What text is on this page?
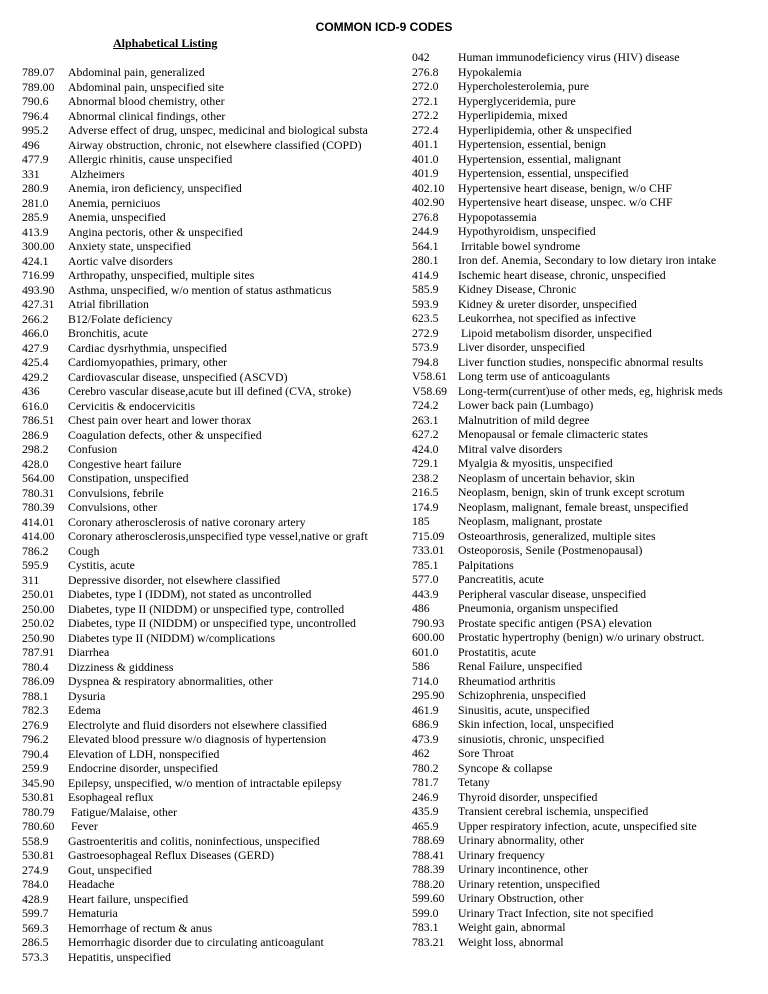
COMMON ICD-9 CODES
Alphabetical Listing
789.07 Abdominal pain, generalized
789.00 Abdominal pain, unspecified site
790.6 Abnormal blood chemistry, other
796.4 Abnormal clinical findings, other
995.2 Adverse effect of drug, unspec, medicinal and biological substa
496 Airway obstruction, chronic, not elsewhere classified (COPD)
477.9 Allergic rhinitis, cause unspecified
331 Alzheimers
280.9 Anemia, iron deficiency, unspecified
281.0 Anemia, perniciuos
285.9 Anemia, unspecified
413.9 Angina pectoris, other & unspecified
300.00 Anxiety state, unspecified
424.1 Aortic valve disorders
716.99 Arthropathy, unspecified, multiple sites
493.90 Asthma, unspecified, w/o mention of status asthmaticus
427.31 Atrial fibrillation
266.2 B12/Folate deficiency
466.0 Bronchitis, acute
427.9 Cardiac dysrhythmia, unspecified
425.4 Cardiomyopathies, primary, other
429.2 Cardiovascular disease, unspecified (ASCVD)
436 Cerebro vascular disease,acute but ill defined (CVA, stroke)
616.0 Cervicitis & endocervicitis
786.51 Chest pain over heart and lower thorax
286.9 Coagulation defects, other & unspecified
298.2 Confusion
428.0 Congestive heart failure
564.00 Constipation, unspecified
780.31 Convulsions, febrile
780.39 Convulsions, other
414.01 Coronary atherosclerosis of native coronary artery
414.00 Coronary atherosclerosis,unspecified type vessel,native or graft
786.2 Cough
595.9 Cystitis, acute
311 Depressive disorder, not elsewhere classified
250.01 Diabetes, type I (IDDM), not stated as uncontrolled
250.00 Diabetes, type II (NIDDM) or unspecified type, controlled
250.02 Diabetes, type II (NIDDM) or unspecified type, uncontrolled
250.90 Diabetes type II (NIDDM) w/complications
787.91 Diarrhea
780.4 Dizziness & giddiness
786.09 Dyspnea & respiratory abnormalities, other
788.1 Dysuria
782.3 Edema
276.9 Electrolyte and fluid disorders not elsewhere classified
796.2 Elevated blood pressure w/o diagnosis of hypertension
790.4 Elevation of LDH, nonspecified
259.9 Endocrine disorder, unspecified
345.90 Epilepsy, unspecified, w/o mention of intractable epilepsy
530.81 Esophageal reflux
780.79 Fatigue/Malaise, other
780.60 Fever
558.9 Gastroenteritis and colitis, noninfectious, unspecified
530.81 Gastroesophageal Reflux Diseases (GERD)
274.9 Gout, unspecified
784.0 Headache
428.9 Heart failure, unspecified
599.7 Hematuria
569.3 Hemorrhage of rectum & anus
286.5 Hemorrhagic disorder due to circulating anticoagulant
573.3 Hepatitis, unspecified
042 Human immunodeficiency virus (HIV) disease
276.8 Hypokalemia
272.0 Hypercholesterolemia, pure
272.1 Hyperglyceridemia, pure
272.2 Hyperlipidemia, mixed
272.4 Hyperlipidemia, other & unspecified
401.1 Hypertension, essential, benign
401.0 Hypertension, essential, malignant
401.9 Hypertension, essential, unspecified
402.10 Hypertensive heart disease, benign, w/o CHF
402.90 Hypertensive heart disease, unspec. w/o CHF
276.8 Hypopotassemia
244.9 Hypothyroidism, unspecified
564.1 Irritable bowel syndrome
280.1 Iron def. Anemia, Secondary to low dietary iron intake
414.9 Ischemic heart disease, chronic, unspecified
585.9 Kidney Disease, Chronic
593.9 Kidney & ureter disorder, unspecified
623.5 Leukorrhea, not specified as infective
272.9 Lipoid metabolism disorder, unspecified
573.9 Liver disorder, unspecified
794.8 Liver function studies, nonspecific abnormal results
V58.61 Long term use of anticoagulants
V58.69 Long-term(current)use of other meds, eg, highrisk meds
724.2 Lower back pain (Lumbago)
263.1 Malnutrition of mild degree
627.2 Menopausal or female climacteric states
424.0 Mitral valve disorders
729.1 Myalgia & myositis, unspecified
238.2 Neoplasm of uncertain behavior, skin
216.5 Neoplasm, benign, skin of trunk except scrotum
174.9 Neoplasm, malignant, female breast, unspecified
185 Neoplasm, malignant, prostate
715.09 Osteoarthrosis, generalized, multiple sites
733.01 Osteoporosis, Senile (Postmenopausal)
785.1 Palpitations
577.0 Pancreatitis, acute
443.9 Peripheral vascular disease, unspecified
486 Pneumonia, organism unspecified
790.93 Prostate specific antigen (PSA) elevation
600.00 Prostatic hypertrophy (benign) w/o urinary obstruct.
601.0 Prostatitis, acute
586 Renal Failure, unspecified
714.0 Rheumatiod arthritis
295.90 Schizophrenia, unspecified
461.9 Sinusitis, acute, unspecified
686.9 Skin infection, local, unspecified
473.9 sinusiotis, chronic, unspecified
462 Sore Throat
780.2 Syncope & collapse
781.7 Tetany
246.9 Thyroid disorder, unspecified
435.9 Transient cerebral ischemia, unspecified
465.9 Upper respiratory infection, acute, unspecified site
788.69 Urinary abnormality, other
788.41 Urinary frequency
788.39 Urinary incontinence, other
788.20 Urinary retention, unspecified
599.60 Urinary Obstruction, other
599.0 Urinary Tract Infection, site not specified
783.1 Weight gain, abnormal
783.21 Weight loss, abnormal
